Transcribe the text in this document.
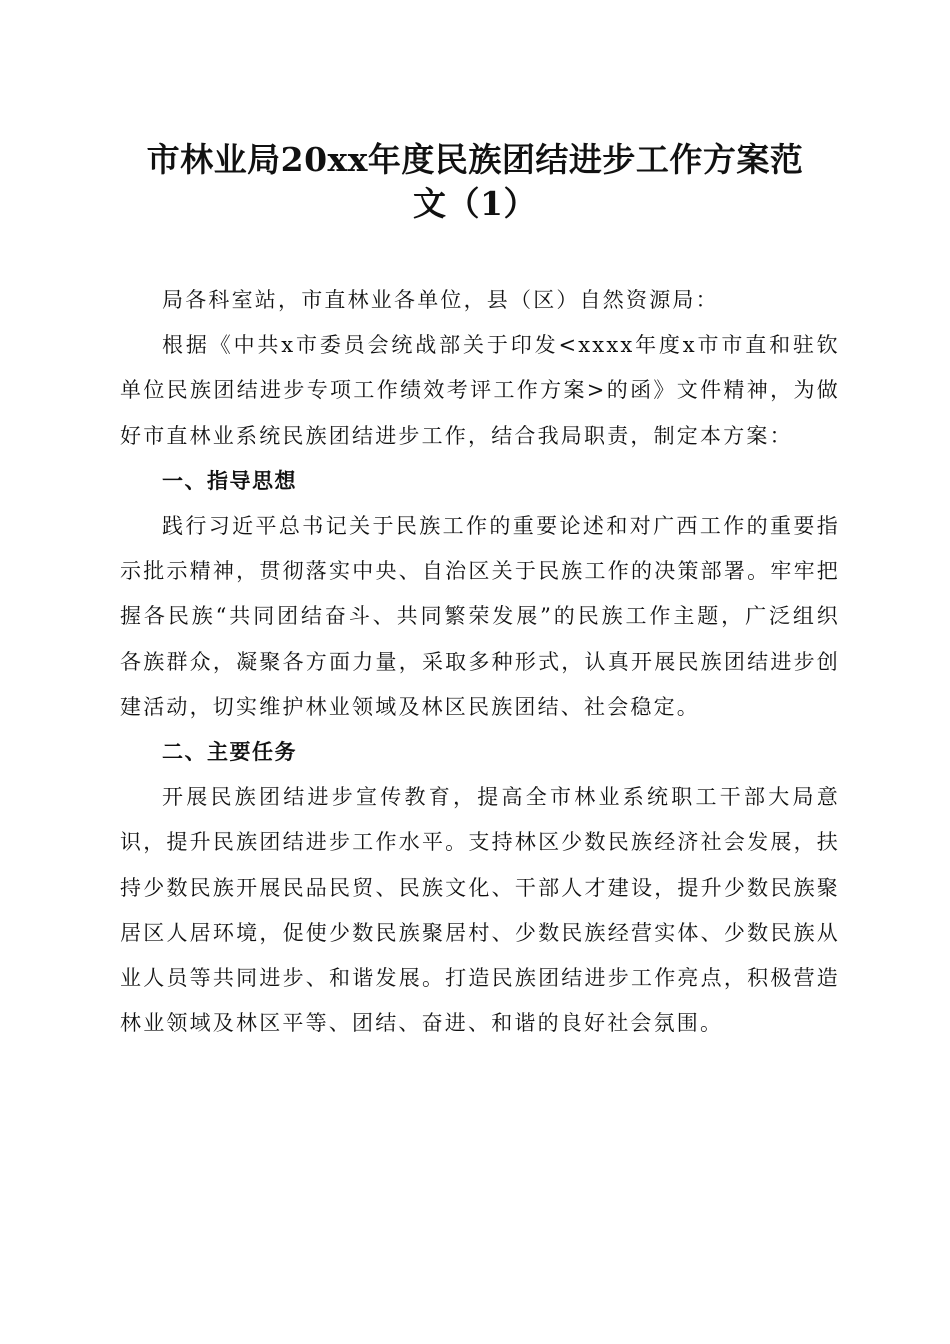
市林业局20xx年度民族团结进步工作方案范
文（1）

局各科室站，市直林业各单位，县（区）自然资源局：

根据《中共x市委员会统战部关于印发<xxxx年度x市市直和驻钦单位民族团结进步专项工作绩效考评工作方案>的函》文件精神，为做好市直林业系统民族团结进步工作，结合我局职责，制定本方案：

一、指导思想

践行习近平总书记关于民族工作的重要论述和对广西工作的重要指示批示精神，贯彻落实中央、自治区关于民族工作的决策部署。牢牢把握各民族“共同团结奋斗、共同繁荣发展”的民族工作主题，广泛组织各族群众，凝聚各方面力量，采取多种形式，认真开展民族团结进步创建活动，切实维护林业领域及林区民族团结、社会稳定。

二、主要任务

开展民族团结进步宣传教育，提高全市林业系统职工干部大局意识，提升民族团结进步工作水平。支持林区少数民族经济社会发展，扶持少数民族开展民品民贸、民族文化、干部人才建设，提升少数民族聚居区人居环境，促使少数民族聚居村、少数民族经营实体、少数民族从业人员等共同进步、和谐发展。打造民族团结进步工作亮点，积极营造林业领域及林区平等、团结、奋进、和谐的良好社会氛围。
